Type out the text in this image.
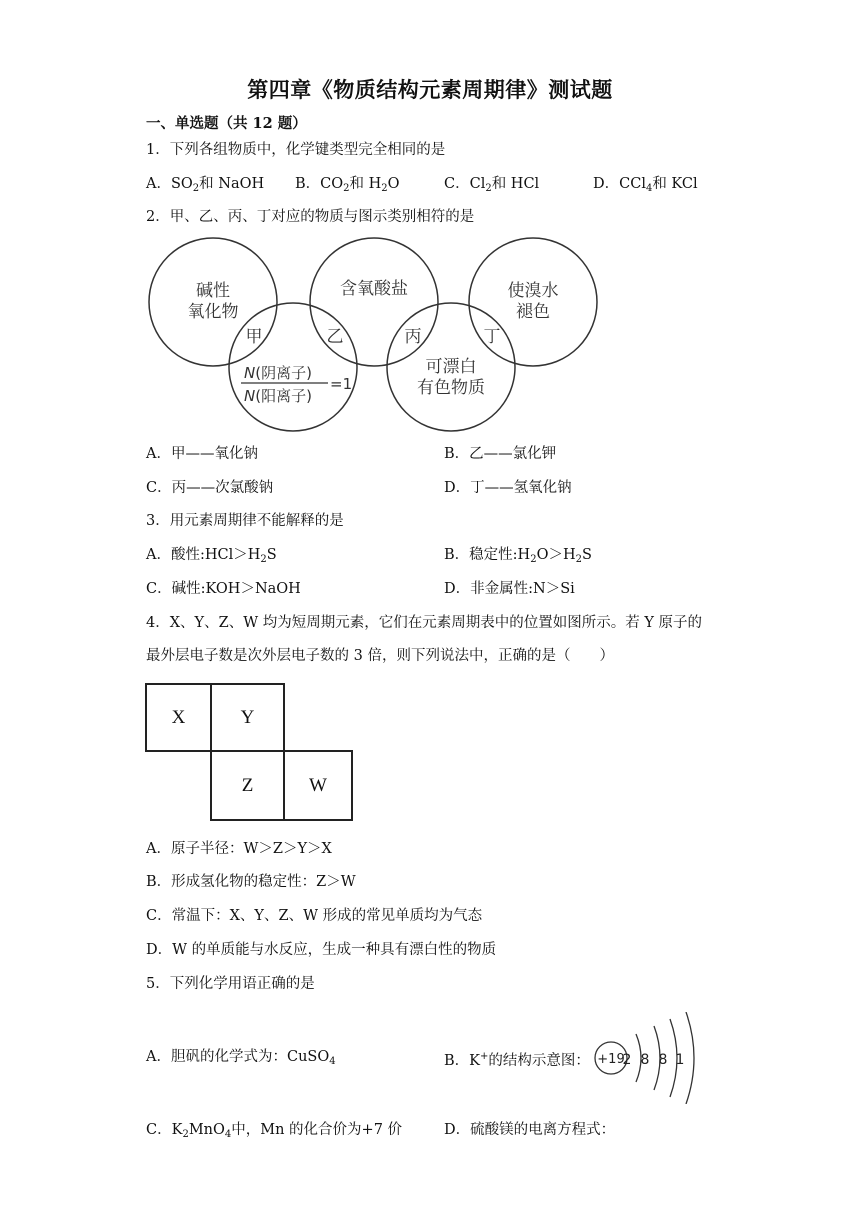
第四章《物质结构元素周期律》测试题
一、单选题（共 12 题）
1．下列各组物质中，化学键类型完全相同的是
A．$SO_2$和 NaOH B．$CO_2$和 $H_2O$	C．$Cl_2$和 HCl	D．CCl$_4$和 KCl
2．甲、乙、丙、丁对应的物质与图示类别相符的是
碱性
氧化物
含氧酸盐	使溴水
褪色
可漂白
有色物质
甲	乙	丙	丁
N(阴离子)
N(阳离子)
=1
A．甲——氧化钠	B．乙——氯化钾
C．丙——次氯酸钠	D．丁——氢氧化钠
3．用元素周期律不能解释的是
A．酸性$:HCl>H_2S$	B．稳定性$:H_2O>H_2S$
C．碱性:KOH＞NaOH	D．非金属性:N＞Si
4．X、Y、Z、W 均为短周期元素，它们在元素周期表中的位置如图所示。若 Y 原子的
最外层电子数是次外层电子数的 3 倍，则下列说法中，正确的是（　　）
X	Y
Z	W
A．原子半径：W＞Z＞Y＞X
B．形成氢化物的稳定性：Z＞W
C．常温下：X、Y、Z、W 形成的常见单质均为气态
D．W 的单质能与水反应，生成一种具有漂白性的物质
5．下列化学用语正确的是
A．胆矾的化学式为：CuSO$_4$	B．K+的结构示意图： +19
2 8 8 1
C．$K_2MnO_4$中，Mn 的化合价为+7 价	D．硫酸镁的电离方程式：
